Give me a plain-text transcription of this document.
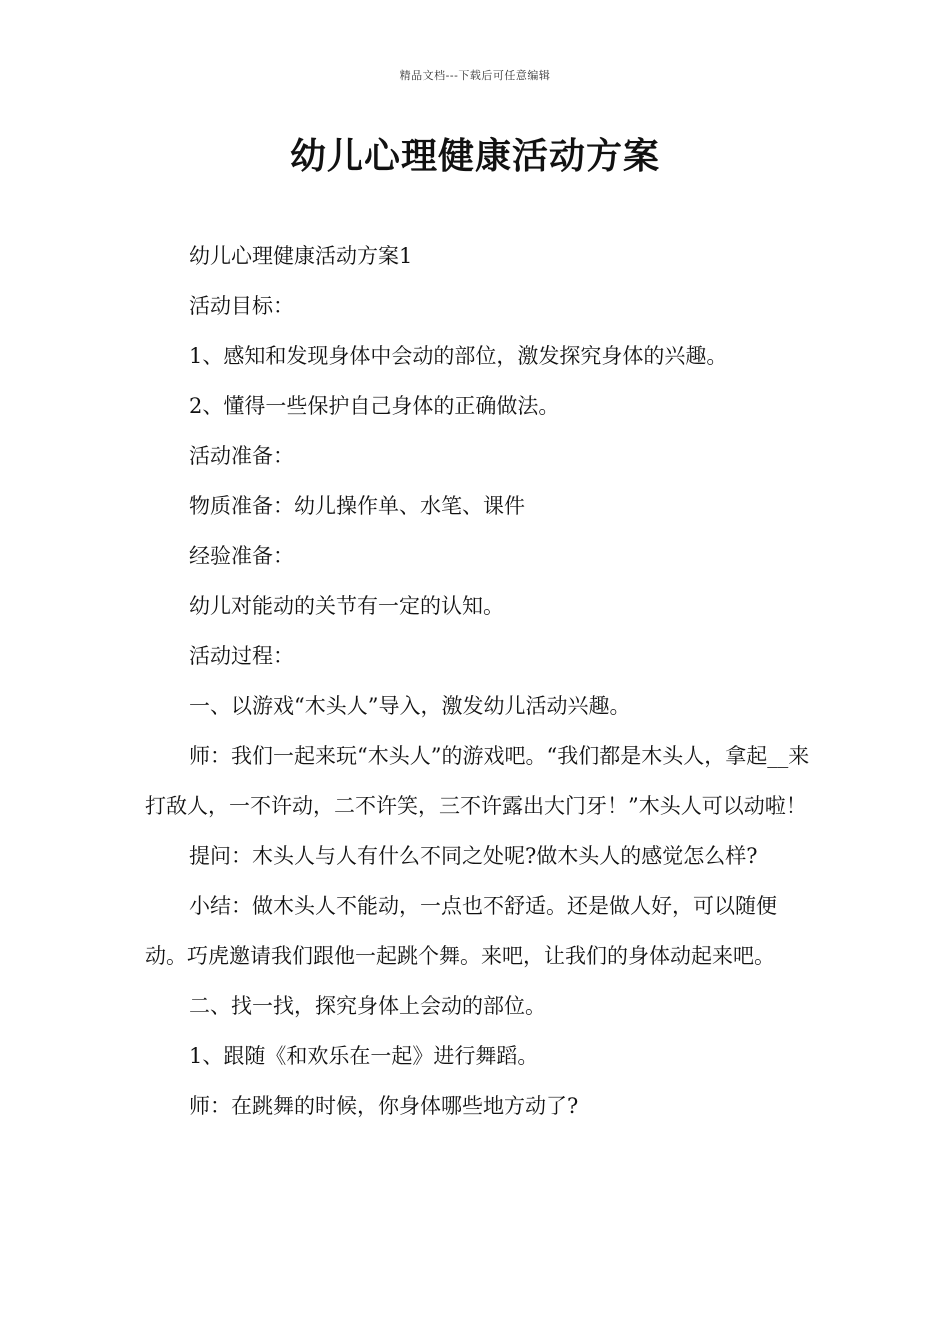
精品文档---下载后可任意编辑
幼儿心理健康活动方案

幼儿心理健康活动方案1

活动目标：

1、感知和发现身体中会动的部位，激发探究身体的兴趣。

2、懂得一些保护自己身体的正确做法。

活动准备：

物质准备：幼儿操作单、水笔、课件

经验准备：

幼儿对能动的关节有一定的认知。

活动过程：

一、以游戏“木头人”导入，激发幼儿活动兴趣。

师：我们一起来玩“木头人”的游戏吧。“我们都是木头人，拿起__来打敌人，一不许动，二不许笑，三不许露出大门牙！”木头人可以动啦！

提问：木头人与人有什么不同之处呢?做木头人的感觉怎么样?

小结：做木头人不能动，一点也不舒适。还是做人好，可以随便动。巧虎邀请我们跟他一起跳个舞。来吧，让我们的身体动起来吧。

二、找一找，探究身体上会动的部位。

1、跟随《和欢乐在一起》进行舞蹈。

师：在跳舞的时候，你身体哪些地方动了?
